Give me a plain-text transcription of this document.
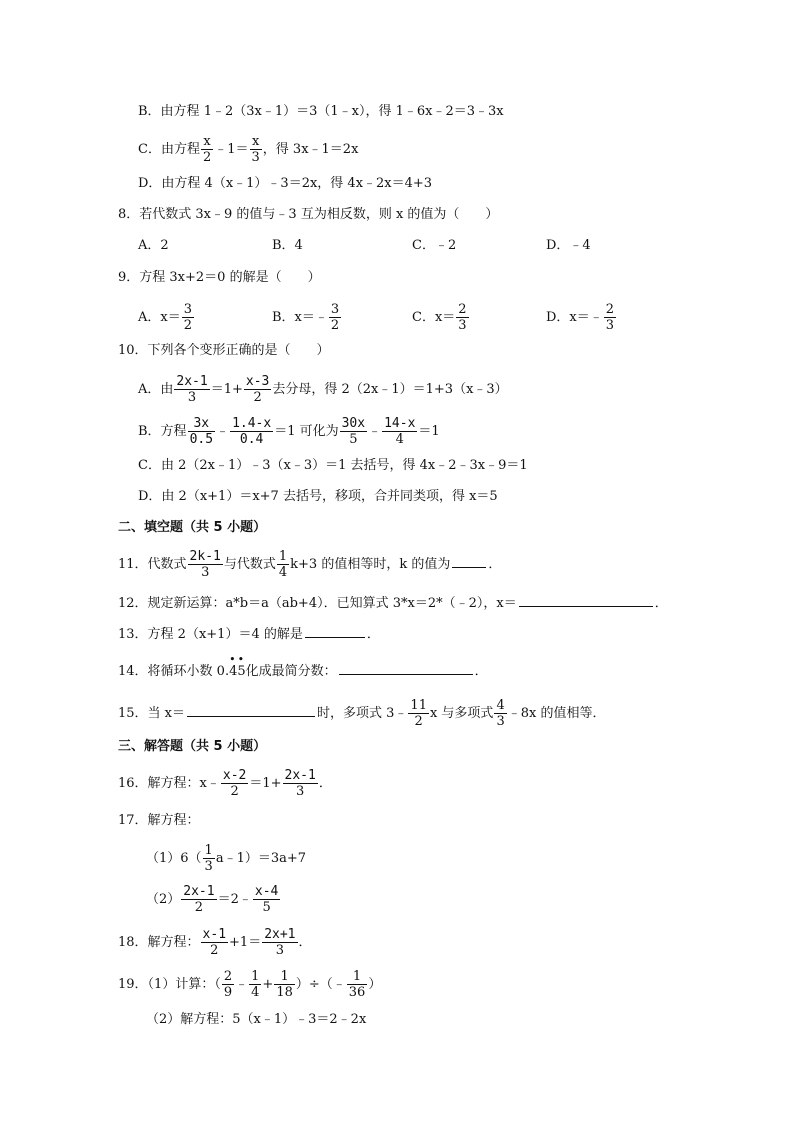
B．由方程 1﹣2（3x﹣1）＝3（1﹣x），得 1﹣6x﹣2＝3﹣3x
C．由方程 $\frac{x}{2}$ ﹣1＝ $\frac{x}{3}$ ，得 3x﹣1＝2x
D．由方程 4（x﹣1）﹣3＝2x，得 4x﹣2x＝4+3
8．若代数式 3x﹣9 的值与﹣3 互为相反数，则 x 的值为（　　）
A．2	B．4	C．﹣2	D．﹣4
9．方程 3x+2＝0 的解是（　　）
A．$x= \frac{3}{2}$	B．x＝﹣ $\frac{3}{2}$	C．$x= \frac{2}{3}$	D．x＝﹣ $\frac{2}{3}$
10．下列各个变形正确的是（　　）
A．由 $\frac{2x-1}{3} =1+ \frac{x-3}{2}$ 去分母，得 2（2x﹣1）＝1+3（x﹣3）
B．方程 $\frac{3x}{0.5}$ ﹣ $\frac{1.4-x}{0.4} =1$ 可化为 $\frac{30x}{5}$ ﹣ $\frac{14-x}{4} =1$
C．由 2（2x﹣1）﹣3（x﹣3）＝1 去括号，得 4x﹣2﹣3x﹣9＝1
D．由 2（x+1）＝x+7 去括号，移项，合并同类项，得 x＝5
二、填空题（共 5 小题）
11．代数式 $\frac{2k-1}{3}$ 与代数式 $\frac{1}{4} k+3$ 的值相等时，k 的值为	．
12．规定新运算：a*b＝a（ab+4）．已知算式 3*x＝2*（﹣2），x＝	．
13．方程 2（x+1）＝4 的解是	．
14．将循环小数 0.
••
45化成最简分数：	．
15．当 x＝	时，多项式 3﹣ $\frac{11}{2}$ x 与多项式 $\frac{4}{3}$ ﹣8x 的值相等．
三、解答题（共 5 小题）
16．解方程：x﹣ $\frac{x-2}{2} =1+ \frac{2x-1}{3}$ ．
17．解方程：
$(1)6( \frac{1}{3}$ a﹣1）＝3a+7
$(2) \frac{2x-1}{2}$ ＝2﹣ $\frac{x-4}{5}$
18．解方程： $\frac{x-1}{2} +1= \frac{2x+1}{3}$ ．
19．（1）计算：（ $\frac{2}{9}$ ﹣ $\frac{1}{4} + \frac{1}{18}$ ）÷（﹣ $\frac{1}{36}$ ）
（2）解方程：5（x﹣1）﹣3＝2﹣2x
